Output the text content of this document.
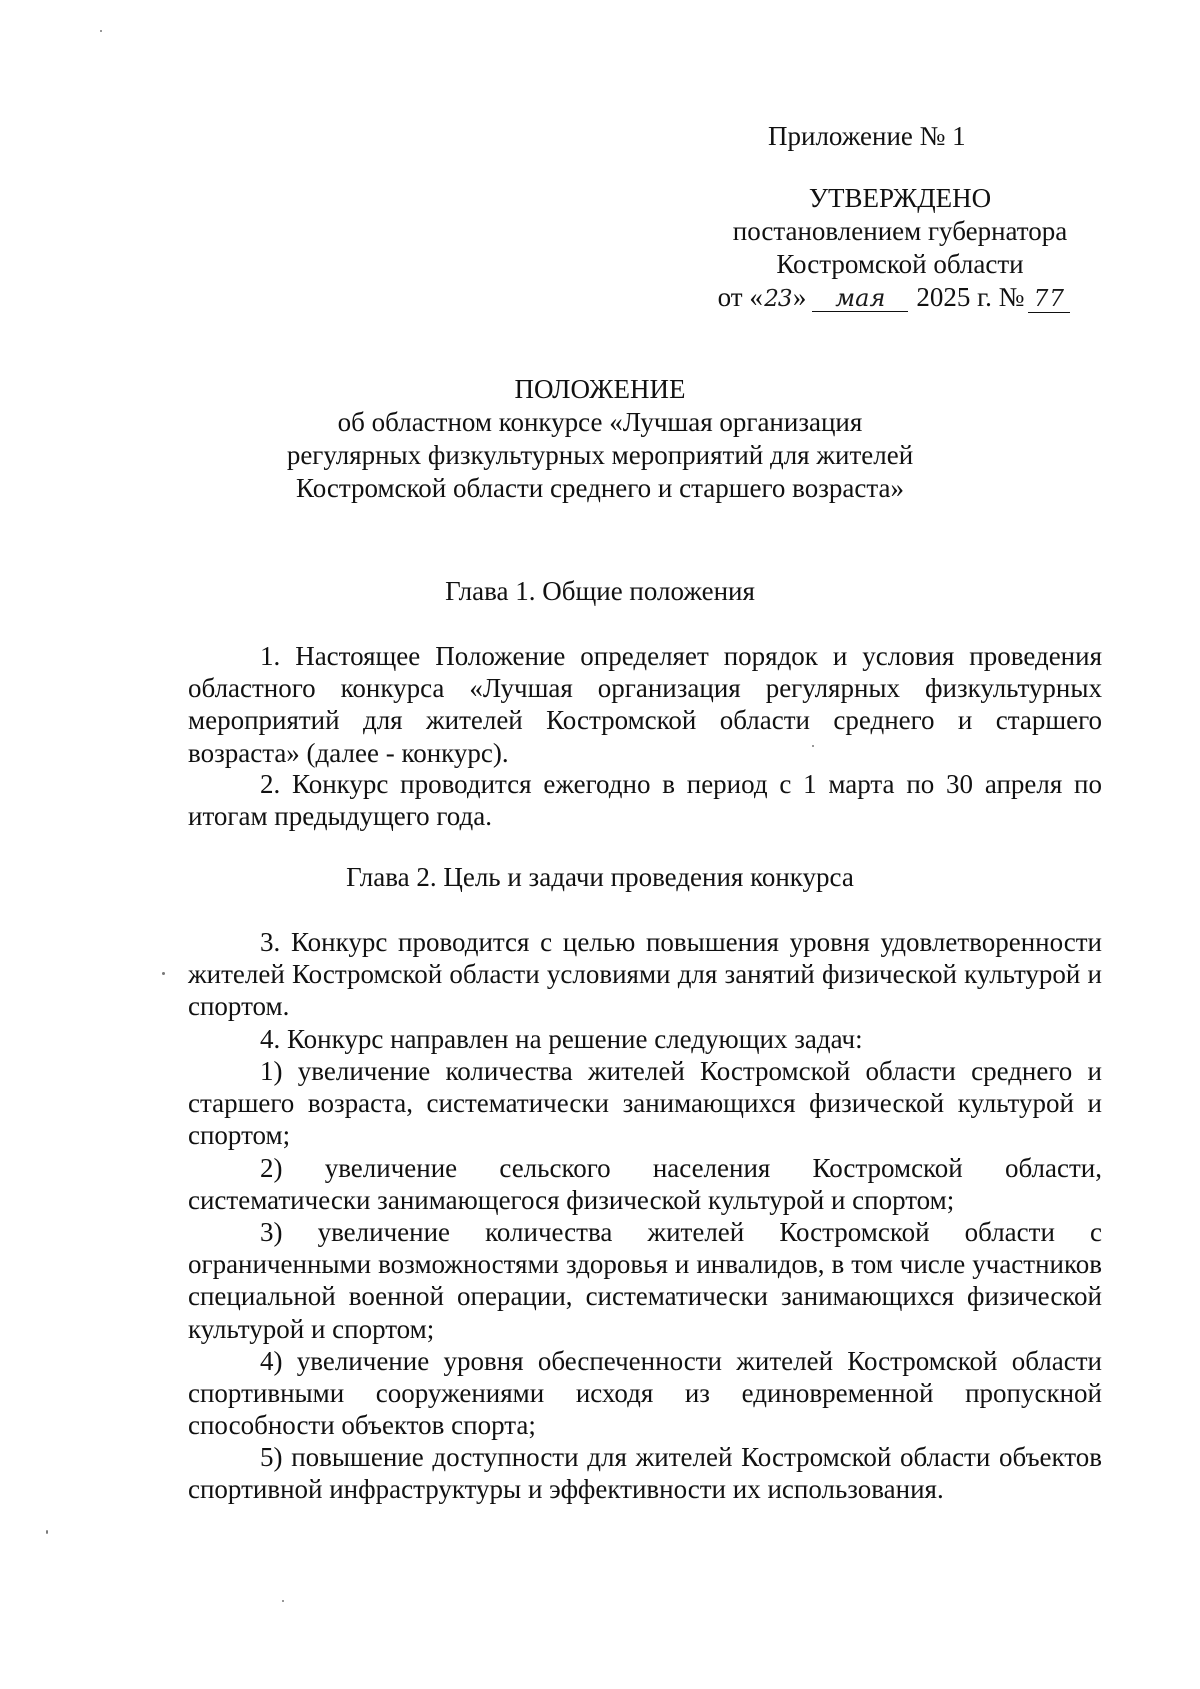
Приложение № 1
УТВЕРЖДЕНО
постановлением губернатора
Костромской области
от «23» мая 2025 г. № 77
ПОЛОЖЕНИЕ
об областном конкурсе «Лучшая организация
регулярных физкультурных мероприятий для жителей
Костромской области среднего и старшего возраста»
Глава 1. Общие положения

1. Настоящее Положение определяет порядок и условия проведения областного конкурса «Лучшая организация регулярных физкультурных мероприятий для жителей Костромской области среднего и старшего возраста» (далее - конкурс).

2. Конкурс проводится ежегодно в период с 1 марта по 30 апреля по итогам предыдущего года.

Глава 2. Цель и задачи проведения конкурса

3. Конкурс проводится с целью повышения уровня удовлетворенности жителей Костромской области условиями для занятий физической культурой и спортом.

4. Конкурс направлен на решение следующих задач:

1) увеличение количества жителей Костромской области среднего и старшего возраста, систематически занимающихся физической культурой и спортом;

2) увеличение сельского населения Костромской области, систематически занимающегося физической культурой и спортом;

3) увеличение количества жителей Костромской области с ограниченными возможностями здоровья и инвалидов, в том числе участников специальной военной операции, систематически занимающихся физической культурой и спортом;

4) увеличение уровня обеспеченности жителей Костромской области спортивными сооружениями исходя из единовременной пропускной способности объектов спорта;

5) повышение доступности для жителей Костромской области объектов спортивной инфраструктуры и эффективности их использования.
